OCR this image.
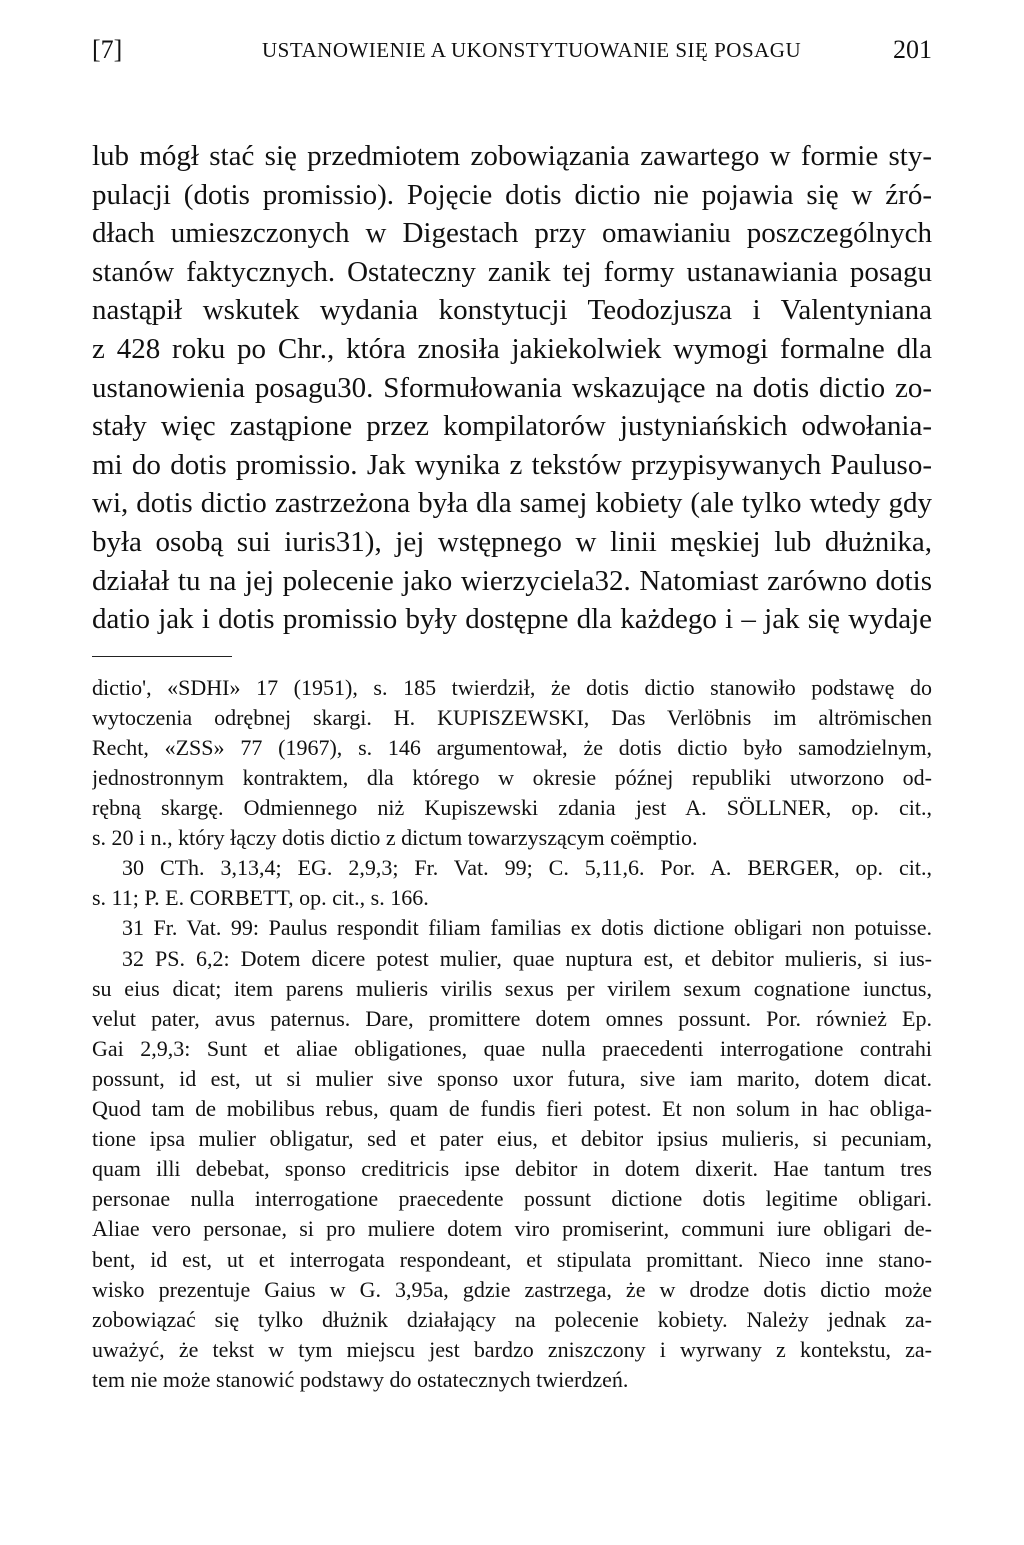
[7]	USTANOWIENIE A UKONSTYTUOWANIE SIĘ POSAGU	201
lub mógł stać się przedmiotem zobowiązania zawartego w formie sty-
pulacji (dotis promissio). Pojęcie dotis dictio nie pojawia się w źró-
dłach umieszczonych w Digestach przy omawianiu poszczególnych
stanów faktycznych. Ostateczny zanik tej formy ustanawiania posagu
nastąpił wskutek wydania konstytucji Teodozjusza i Valentyniana
z 428 roku po Chr., która znosiła jakiekolwiek wymogi formalne dla
ustanowienia posagu30. Sformułowania wskazujące na dotis dictio zo-
stały więc zastąpione przez kompilatorów justyniańskich odwołania-
mi do dotis promissio. Jak wynika z tekstów przypisywanych Pauluso-
wi, dotis dictio zastrzeżona była dla samej kobiety (ale tylko wtedy gdy
była osobą sui iuris31), jej wstępnego w linii męskiej lub dłużnika,
działał tu na jej polecenie jako wierzyciela32. Natomiast zarówno dotis
datio jak i dotis promissio były dostępne dla każdego i – jak się wydaje
dictio', «SDHI» 17 (1951), s. 185 twierdził, że dotis dictio stanowiło podstawę do
wytoczenia odrębnej skargi. H. KUPISZEWSKI, Das Verlöbnis im altrömischen
Recht, «ZSS» 77 (1967), s. 146 argumentował, że dotis dictio było samodzielnym,
jednostronnym kontraktem, dla którego w okresie późnej republiki utworzono od-
rębną skargę. Odmiennego niż Kupiszewski zdania jest A. SÖLLNER, op. cit.,
s. 20 i n., który łączy dotis dictio z dictum towarzyszącym coëmptio.
30 CTh. 3,13,4; EG. 2,9,3; Fr. Vat. 99; C. 5,11,6. Por. A. BERGER, op. cit.,
s. 11; P. E. CORBETT, op. cit., s. 166.
31 Fr. Vat. 99: Paulus respondit filiam familias ex dotis dictione obligari non potuisse.
32 PS. 6,2: Dotem dicere potest mulier, quae nuptura est, et debitor mulieris, si ius-
su eius dicat; item parens mulieris virilis sexus per virilem sexum cognatione iunctus,
velut pater, avus paternus. Dare, promittere dotem omnes possunt. Por. również Ep.
Gai 2,9,3: Sunt et aliae obligationes, quae nulla praecedenti interrogatione contrahi
possunt, id est, ut si mulier sive sponso uxor futura, sive iam marito, dotem dicat.
Quod tam de mobilibus rebus, quam de fundis fieri potest. Et non solum in hac obliga-
tione ipsa mulier obligatur, sed et pater eius, et debitor ipsius mulieris, si pecuniam,
quam illi debebat, sponso creditricis ipse debitor in dotem dixerit. Hae tantum tres
personae nulla interrogatione praecedente possunt dictione dotis legitime obligari.
Aliae vero personae, si pro muliere dotem viro promiserint, communi iure obligari de-
bent, id est, ut et interrogata respondeant, et stipulata promittant. Nieco inne stano-
wisko prezentuje Gaius w G. 3,95a, gdzie zastrzega, że w drodze dotis dictio może
zobowiązać się tylko dłużnik działający na polecenie kobiety. Należy jednak za-
uważyć, że tekst w tym miejscu jest bardzo zniszczony i wyrwany z kontekstu, za-
tem nie może stanowić podstawy do ostatecznych twierdzeń.
